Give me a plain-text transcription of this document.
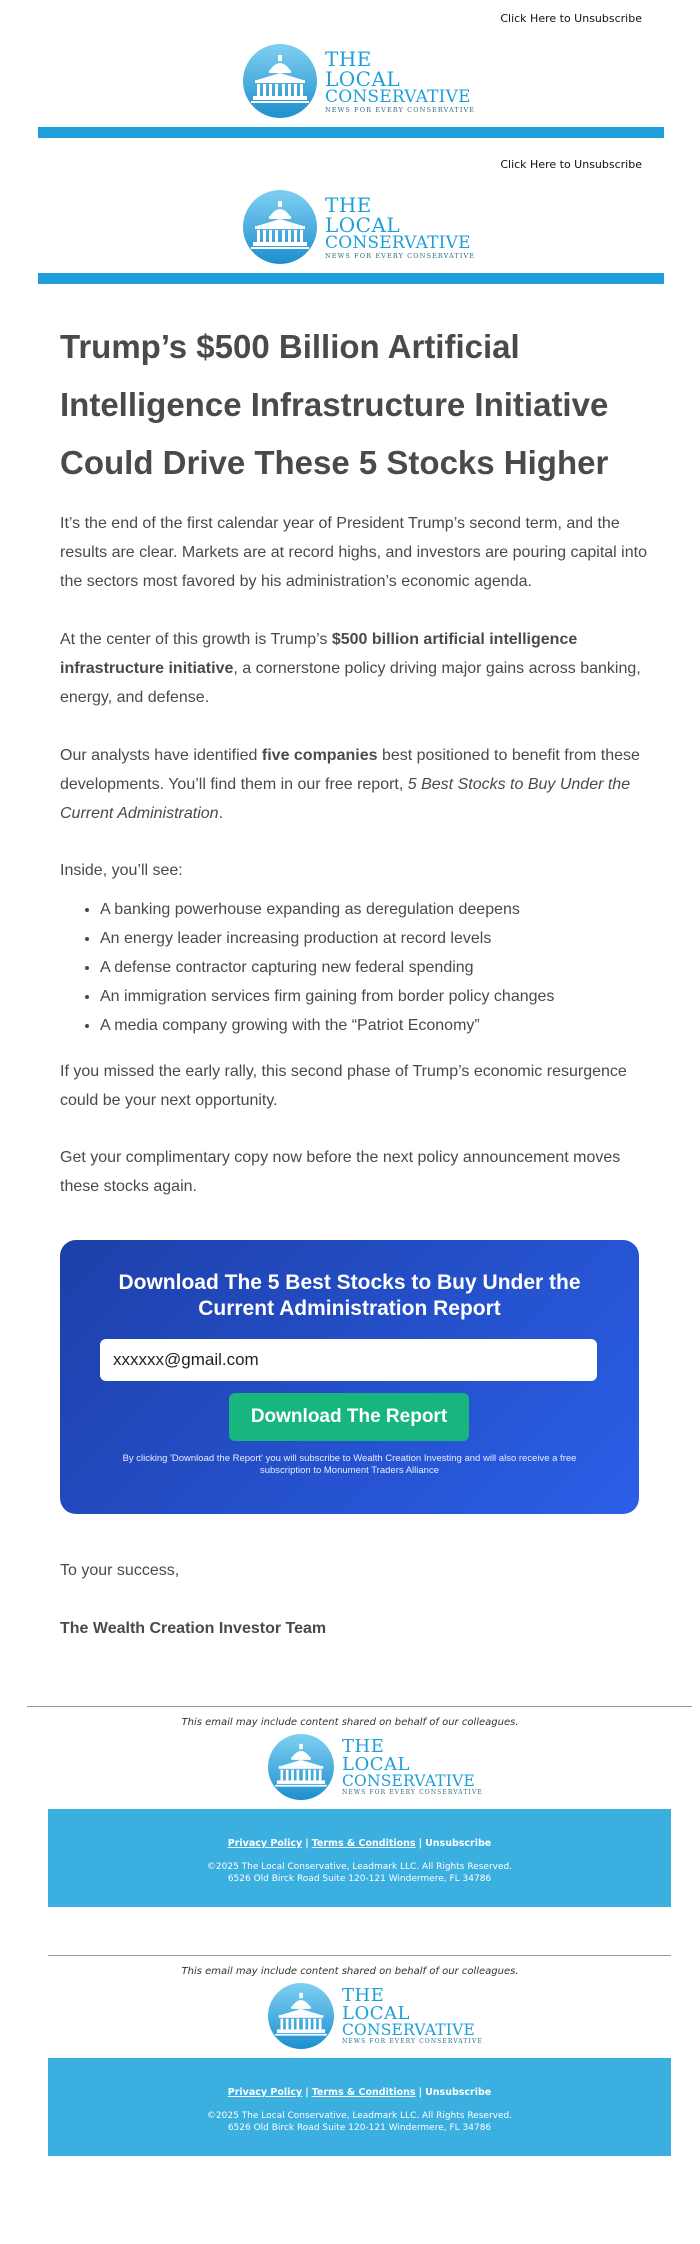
Click Here to Unsubscribe
THE
LOCAL
CONSERVATIVE
NEWS FOR EVERY CONSERVATIVE
Click Here to Unsubscribe
THE
LOCAL
CONSERVATIVE
NEWS FOR EVERY CONSERVATIVE
Trump’s $500 Billion Artificial Intelligence Infrastructure Initiative Could Drive These 5 Stocks Higher

It’s the end of the first calendar year of President Trump’s second term, and the results are clear. Markets are at record highs, and investors are pouring capital into the sectors most favored by his administration’s economic agenda.

At the center of this growth is Trump’s $500 billion artificial intelligence infrastructure initiative, a cornerstone policy driving major gains across banking, energy, and defense.

Our analysts have identified five companies best positioned to benefit from these developments. You’ll find them in our free report, 5 Best Stocks to Buy Under the Current Administration.

Inside, you’ll see:

• A banking powerhouse expanding as deregulation deepens
• An energy leader increasing production at record levels
• A defense contractor capturing new federal spending
• An immigration services firm gaining from border policy changes
• A media company growing with the “Patriot Economy”

If you missed the early rally, this second phase of Trump’s economic resurgence could be your next opportunity.

Get your complimentary copy now before the next policy announcement moves these stocks again.

Download The 5 Best Stocks to Buy Under the Current Administration Report

xxxxxx@gmail.com
Download The Report

By clicking 'Download the Report' you will subscribe to Wealth Creation Investing and will also receive a free subscription to Monument Traders Alliance

To your success,

The Wealth Creation Investor Team

This email may include content shared on behalf of our colleagues.
THE
LOCAL
CONSERVATIVE
NEWS FOR EVERY CONSERVATIVE
Privacy Policy | Terms & Conditions | Unsubscribe
©2025 The Local Conservative, Leadmark LLC. All Rights Reserved.
6526 Old Birck Road Suite 120-121 Windermere, FL 34786
This email may include content shared on behalf of our colleagues.
THE
LOCAL
CONSERVATIVE
NEWS FOR EVERY CONSERVATIVE
Privacy Policy | Terms & Conditions | Unsubscribe
©2025 The Local Conservative, Leadmark LLC. All Rights Reserved.
6526 Old Birck Road Suite 120-121 Windermere, FL 34786
